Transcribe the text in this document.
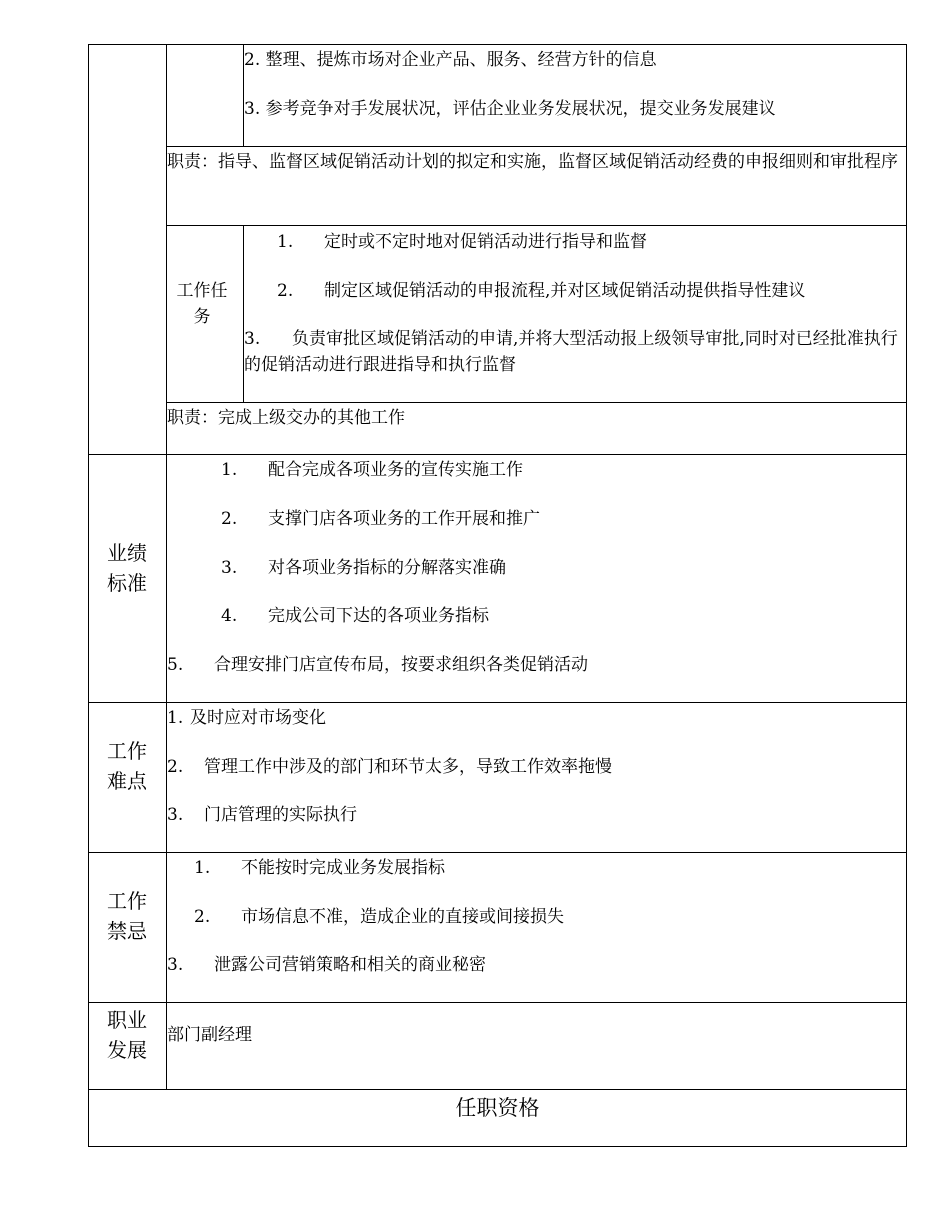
2. 整理、提炼市场对企业产品、服务、经营方针的信息
3. 参考竞争对手发展状况，评估企业业务发展状况，提交业务发展建议
职责：指导、监督区域促销活动计划的拟定和实施，监督区域促销活动经费的申报细则和审批程序
工作任务
1. 定时或不定时地对促销活动进行指导和监督
2. 制定区域促销活动的申报流程,并对区域促销活动提供指导性建议
3. 负责审批区域促销活动的申请,并将大型活动报上级领导审批,同时对已经批准执行的促销活动进行跟进指导和执行监督
职责：完成上级交办的其他工作
业绩标准
1. 配合完成各项业务的宣传实施工作
2. 支撑门店各项业务的工作开展和推广
3. 对各项业务指标的分解落实准确
4. 完成公司下达的各项业务指标
5. 合理安排门店宣传布局，按要求组织各类促销活动
工作难点
1. 及时应对市场变化
2. 管理工作中涉及的部门和环节太多，导致工作效率拖慢
3. 门店管理的实际执行
工作禁忌
1. 不能按时完成业务发展指标
2. 市场信息不准，造成企业的直接或间接损失
3. 泄露公司营销策略和相关的商业秘密
职业发展
部门副经理
任职资格
